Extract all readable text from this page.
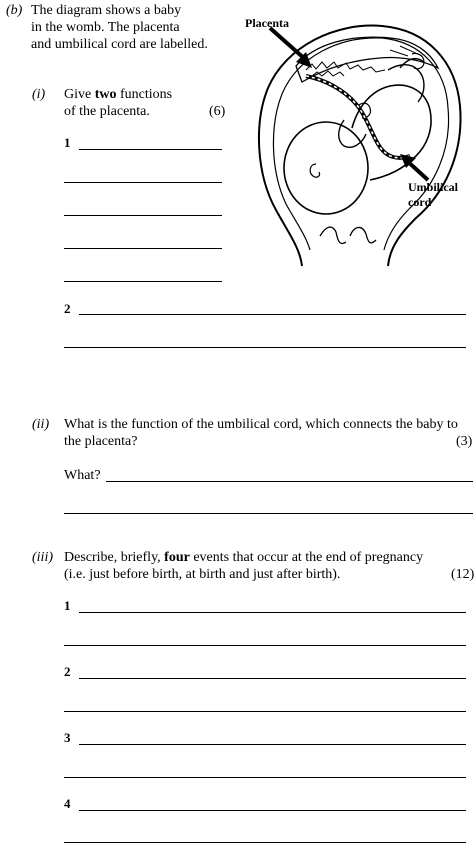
(b) The diagram shows a baby
in the womb. The placenta
and umbilical cord are labelled.
Placenta
Umbilical
cord
(i) Give two functions
of the placenta.	(6)
1
2
(ii) What is the function of the umbilical cord, which connects the baby to
the placenta?	(3)
What?
(iii) Describe, briefly, four events that occur at the end of pregnancy
(i.e. just before birth, at birth and just after birth).	(12)
1
2
3
4
